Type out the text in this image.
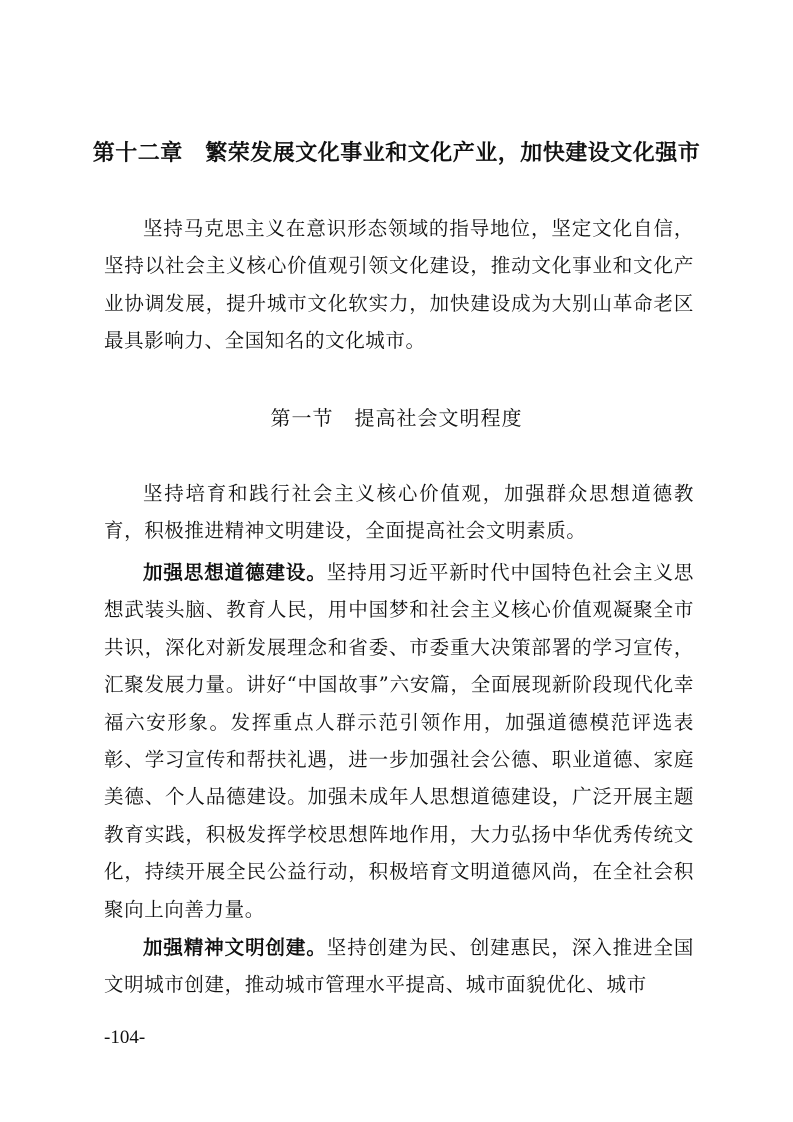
第十二章　繁荣发展文化事业和文化产业，加快建设文化强市

坚持马克思主义在意识形态领域的指导地位，坚定文化自信，坚持以社会主义核心价值观引领文化建设，推动文化事业和文化产业协调发展，提升城市文化软实力，加快建设成为大别山革命老区最具影响力、全国知名的文化城市。

第一节　提高社会文明程度

坚持培育和践行社会主义核心价值观，加强群众思想道德教育，积极推进精神文明建设，全面提高社会文明素质。

加强思想道德建设。坚持用习近平新时代中国特色社会主义思想武装头脑、教育人民，用中国梦和社会主义核心价值观凝聚全市共识，深化对新发展理念和省委、市委重大决策部署的学习宣传，汇聚发展力量。讲好“中国故事”六安篇，全面展现新阶段现代化幸福六安形象。发挥重点人群示范引领作用，加强道德模范评选表彰、学习宣传和帮扶礼遇，进一步加强社会公德、职业道德、家庭美德、个人品德建设。加强未成年人思想道德建设，广泛开展主题教育实践，积极发挥学校思想阵地作用，大力弘扬中华优秀传统文化，持续开展全民公益行动，积极培育文明道德风尚，在全社会积聚向上向善力量。

加强精神文明创建。坚持创建为民、创建惠民，深入推进全国文明城市创建，推动城市管理水平提高、城市面貌优化、城市

-104-
